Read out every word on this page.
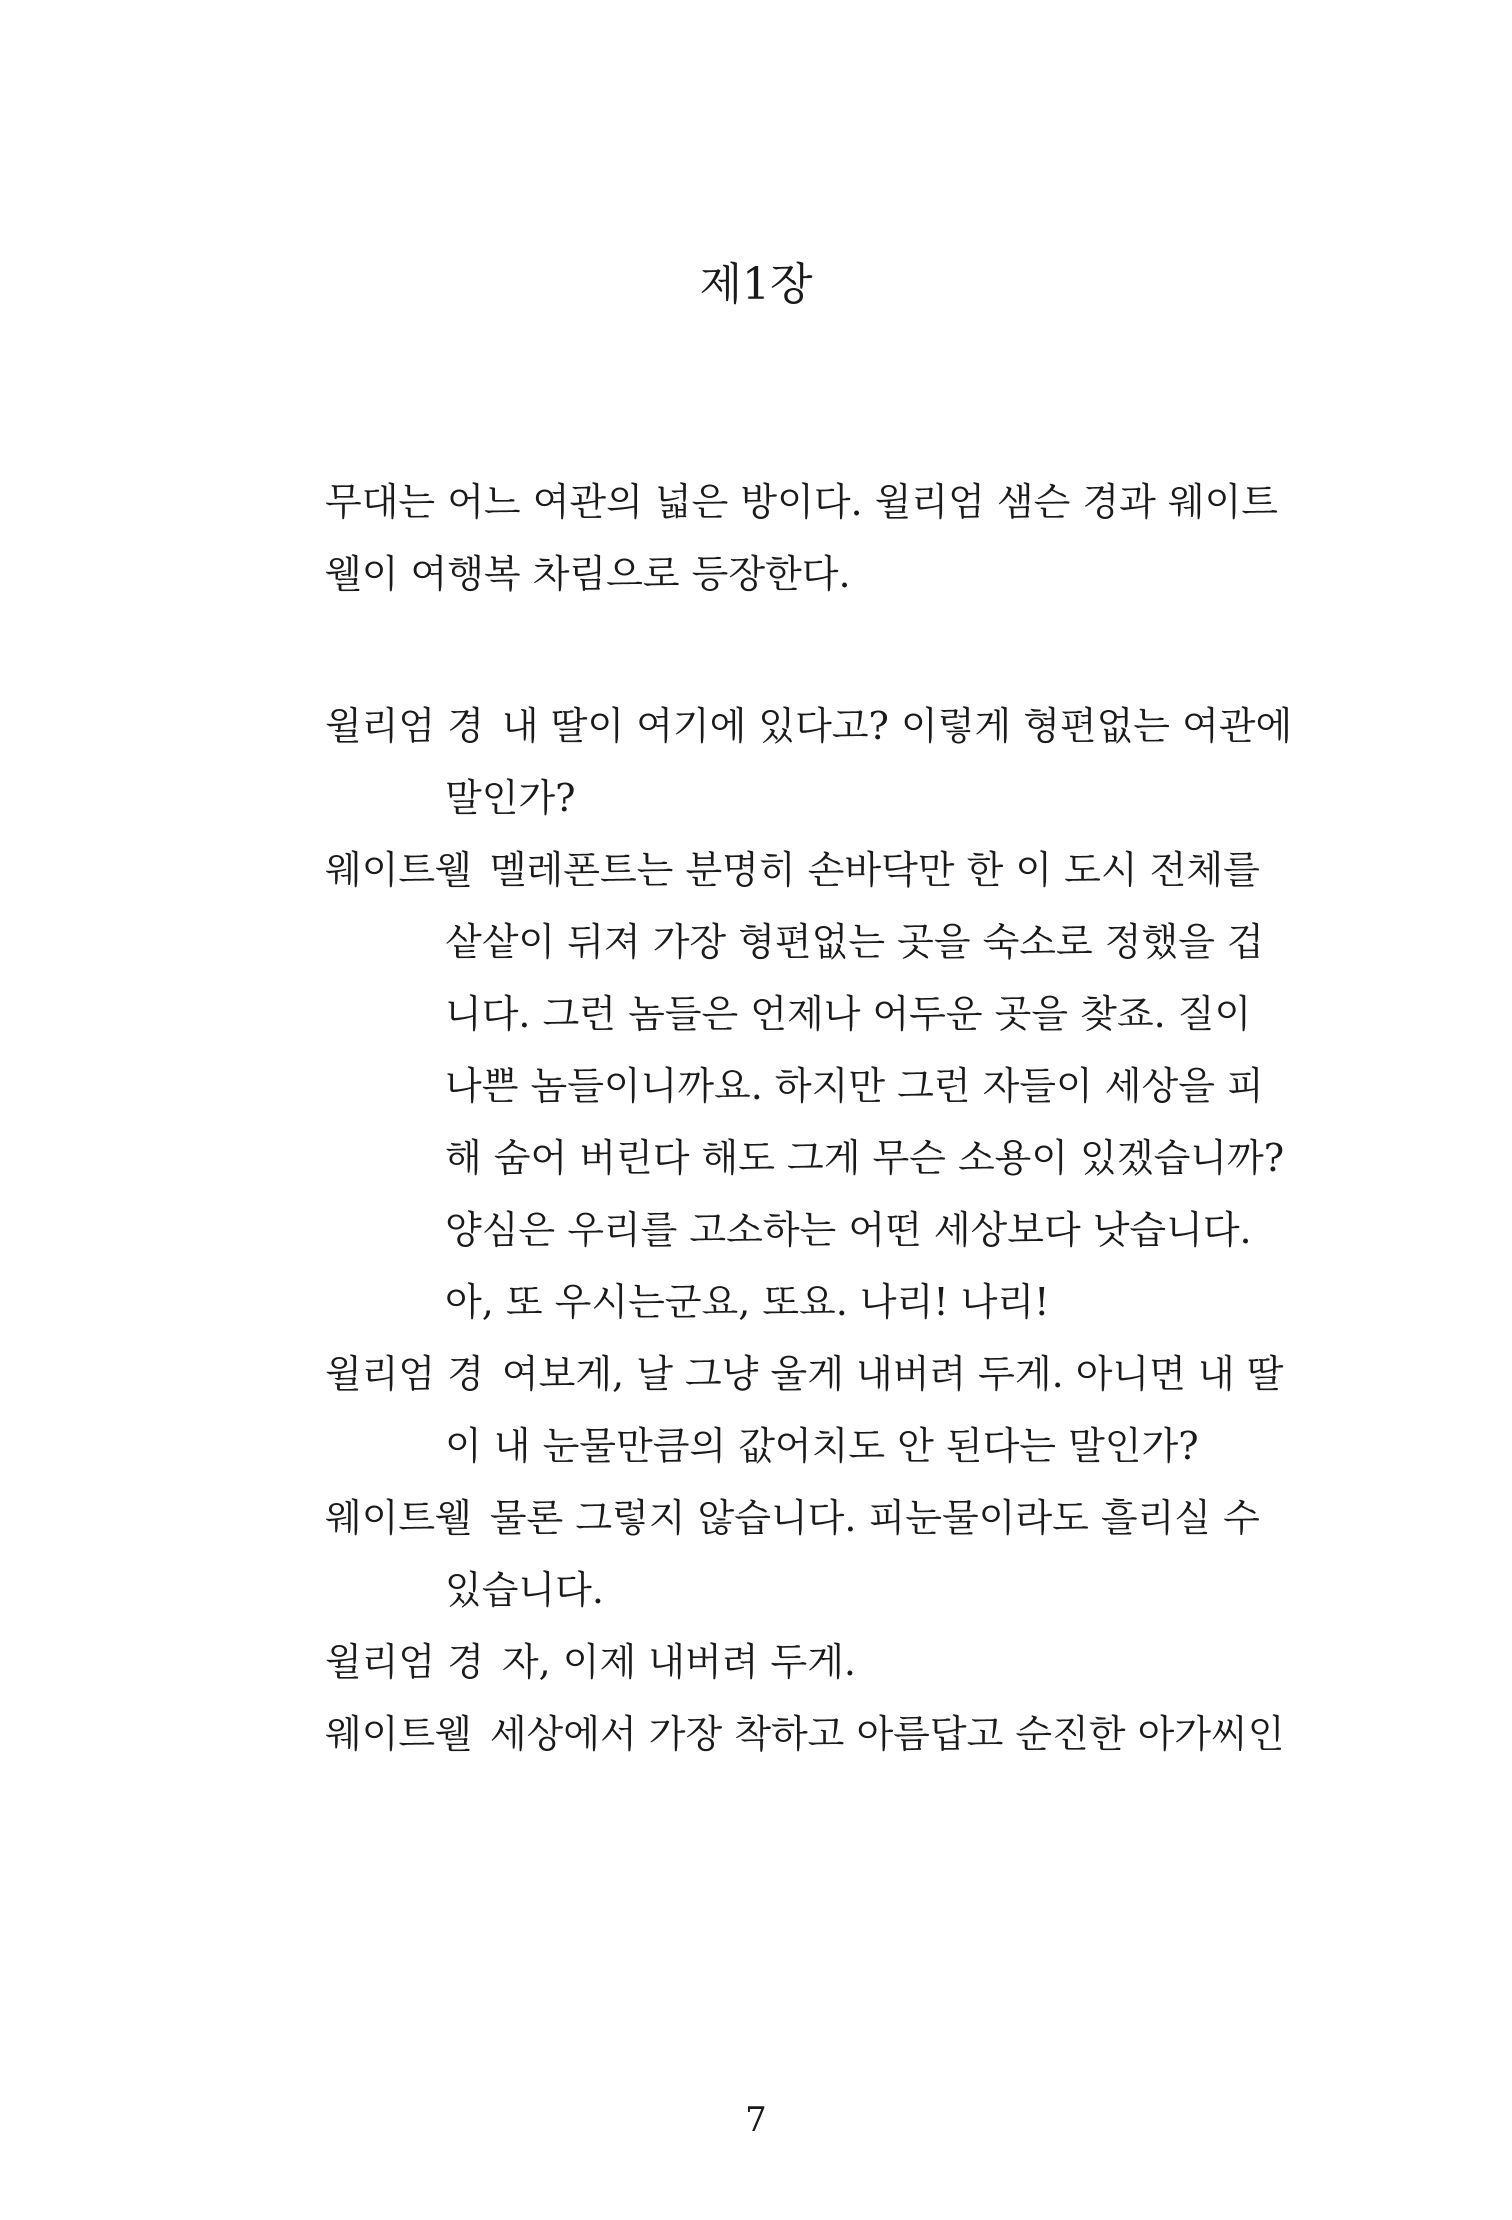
제1장
무대는 어느 여관의 넓은 방이다. 윌리엄 샘슨 경과 웨이트
웰이 여행복 차림으로 등장한다.
윌리엄 경 내 딸이 여기에 있다고? 이렇게 형편없는 여관에
말인가?
웨이트웰 멜레폰트는 분명히 손바닥만 한 이 도시 전체를
샅샅이 뒤져 가장 형편없는 곳을 숙소로 정했을 겁
니다. 그런 놈들은 언제나 어두운 곳을 찾죠. 질이
나쁜 놈들이니까요. 하지만 그런 자들이 세상을 피
해 숨어 버린다 해도 그게 무슨 소용이 있겠습니까?
양심은 우리를 고소하는 어떤 세상보다 낫습니다.
아, 또 우시는군요, 또요. 나리! 나리!
윌리엄 경 여보게, 날 그냥 울게 내버려 두게. 아니면 내 딸
이 내 눈물만큼의 값어치도 안 된다는 말인가?
웨이트웰 물론 그렇지 않습니다. 피눈물이라도 흘리실 수
있습니다.
윌리엄 경 자, 이제 내버려 두게.
웨이트웰 세상에서 가장 착하고 아름답고 순진한 아가씨인
7
